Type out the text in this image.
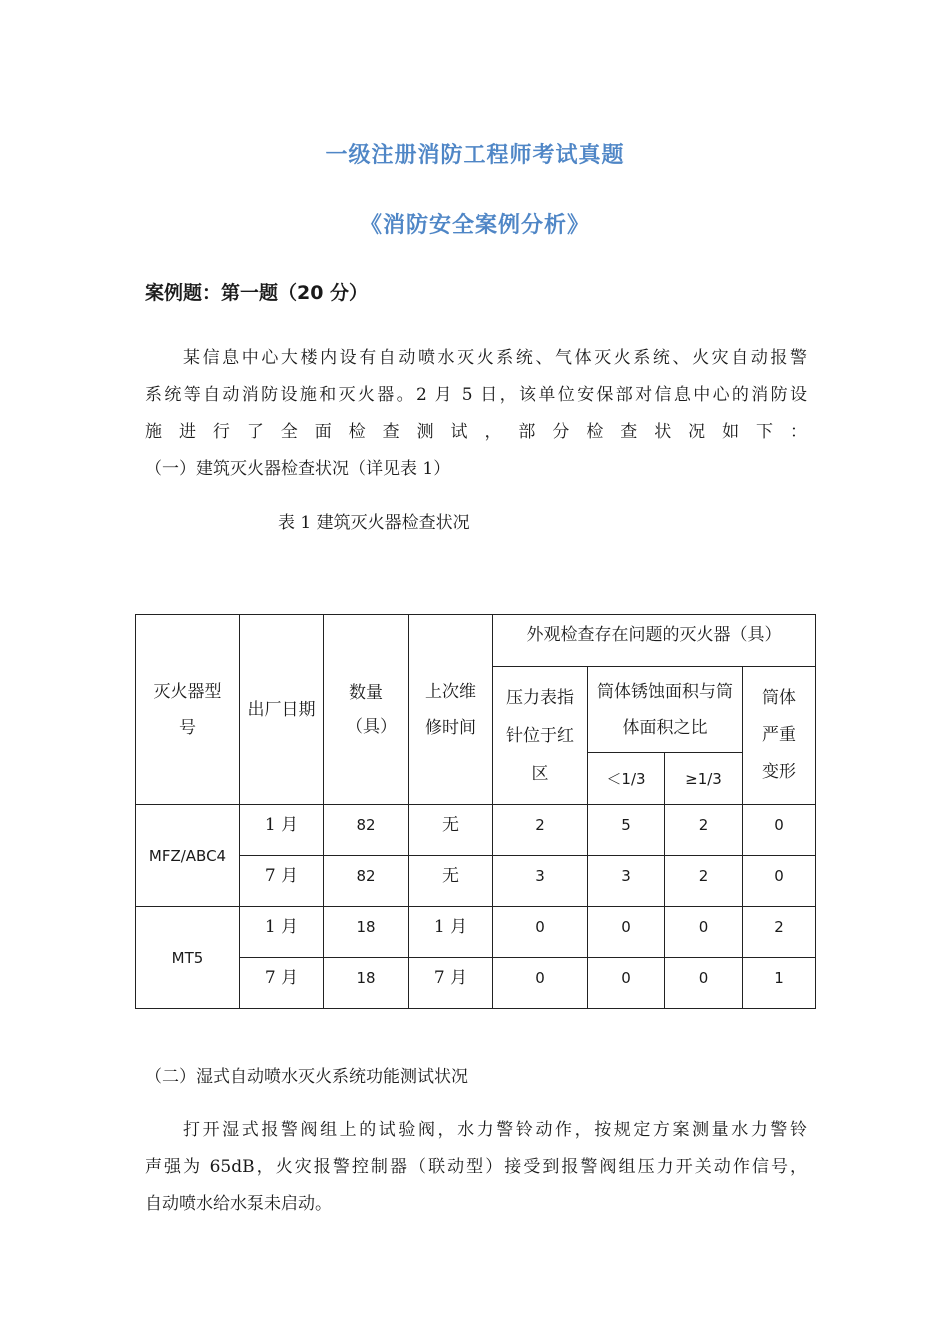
一级注册消防工程师考试真题
《消防安全案例分析》
案例题：第一题（20 分）
某信息中心大楼内设有自动喷水灭火系统、气体灭火系统、火灾自动报警
系统等自动消防设施和灭火器。2 月 5 日，该单位安保部对信息中心的消防设
施进行了全面检查测试，部分检查状况如下：
（一）建筑灭火器检查状况（详见表 1）
表 1 建筑灭火器检查状况
灭火器型号	出厂日期	数量（具）	上次维修时间	外观检查存在问题的灭火器（具）			

				压力表指针位于红区	筒体锈蚀面积与筒体面积之比		筒体严重变形

					＜1/3	≥1/3	
MFZ/ABC4	1 月	82	无	2	5	2	0
	7 月	82	无	3	3	2	0
MT5	1 月	18	1 月	0	0	0	2
	7 月	18	7 月	0	0	0	1
（二）湿式自动喷水灭火系统功能测试状况
打开湿式报警阀组上的试验阀，水力警铃动作，按规定方案测量水力警铃
声强为 65dB，火灾报警控制器（联动型）接受到报警阀组压力开关动作信号，
自动喷水给水泵未启动。
